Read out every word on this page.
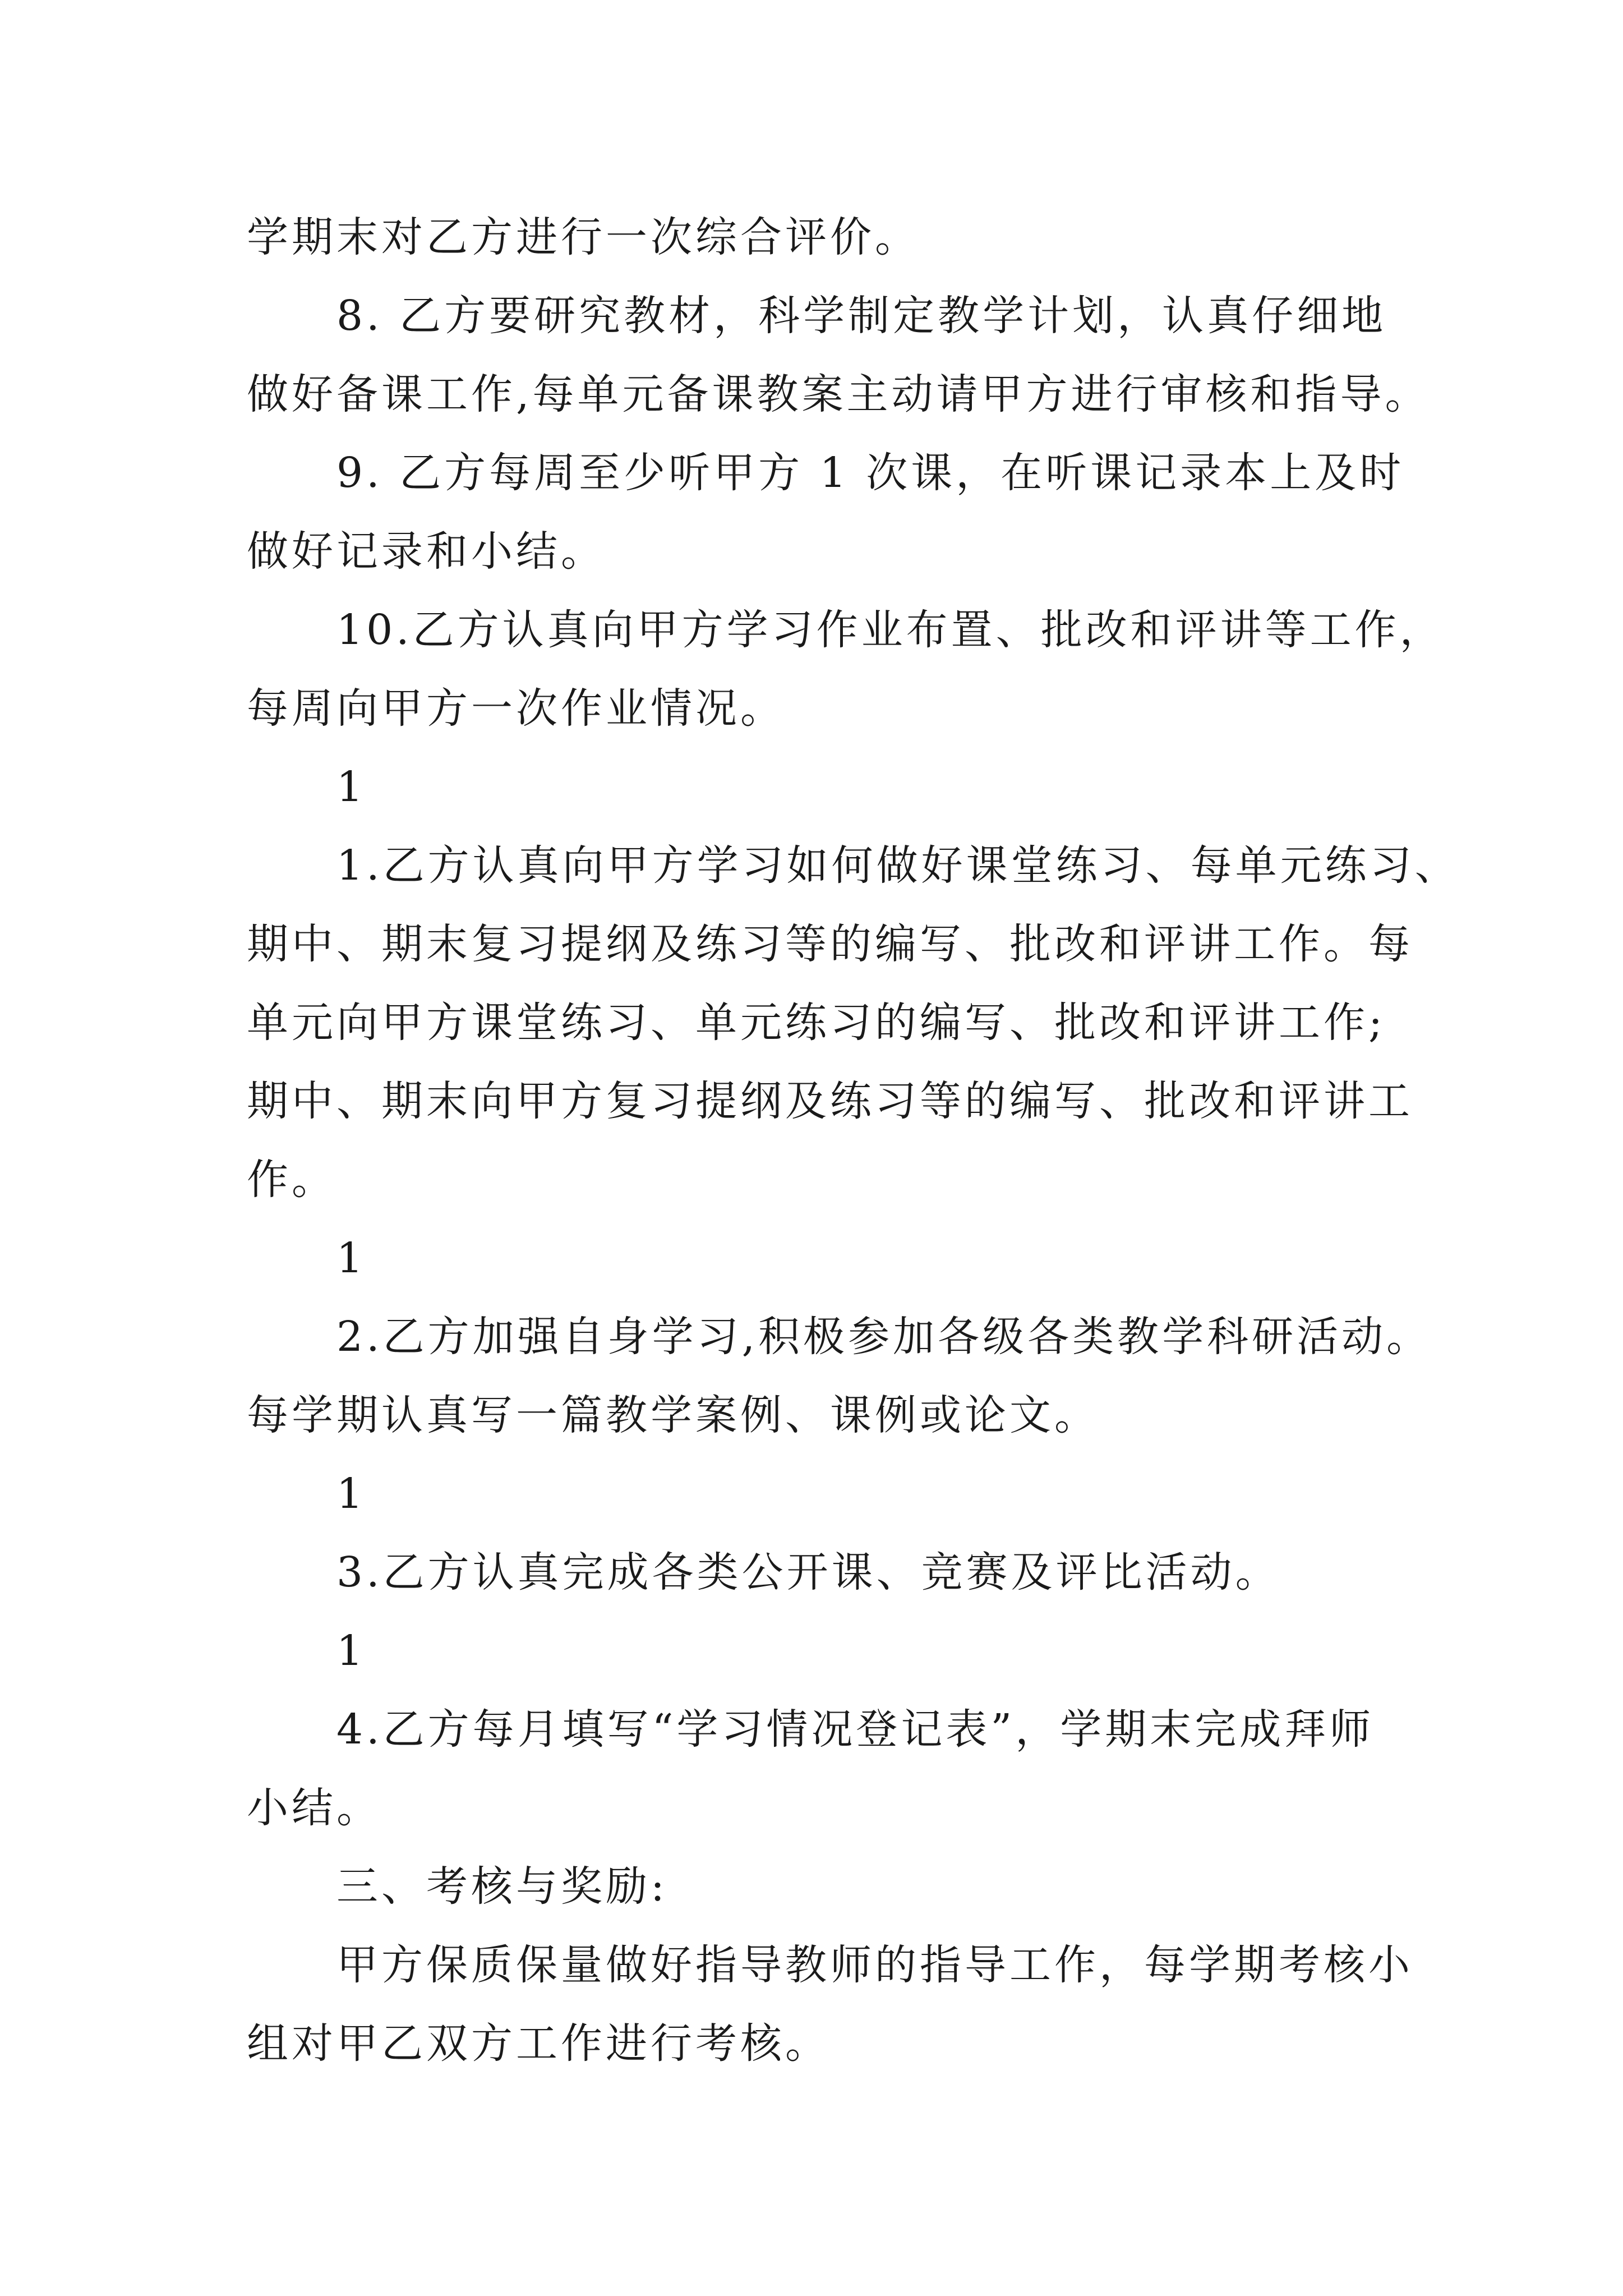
学期末对乙方进行一次综合评价。
8. 乙方要研究教材，科学制定教学计划，认真仔细地
做好备课工作,每单元备课教案主动请甲方进行审核和指导。
9. 乙方每周至少听甲方 1 次课，在听课记录本上及时
做好记录和小结。
10.乙方认真向甲方学习作业布置、批改和评讲等工作，
每周向甲方一次作业情况。
1
1.乙方认真向甲方学习如何做好课堂练习、每单元练习、
期中、期末复习提纲及练习等的编写、批改和评讲工作。每
单元向甲方课堂练习、单元练习的编写、批改和评讲工作;
期中、期末向甲方复习提纲及练习等的编写、批改和评讲工
作。
1
2.乙方加强自身学习,积极参加各级各类教学科研活动。
每学期认真写一篇教学案例、课例或论文。
1
3.乙方认真完成各类公开课、竞赛及评比活动。
1
4.乙方每月填写“学习情况登记表”，学期末完成拜师
小结。
三、考核与奖励:
甲方保质保量做好指导教师的指导工作，每学期考核小
组对甲乙双方工作进行考核。
